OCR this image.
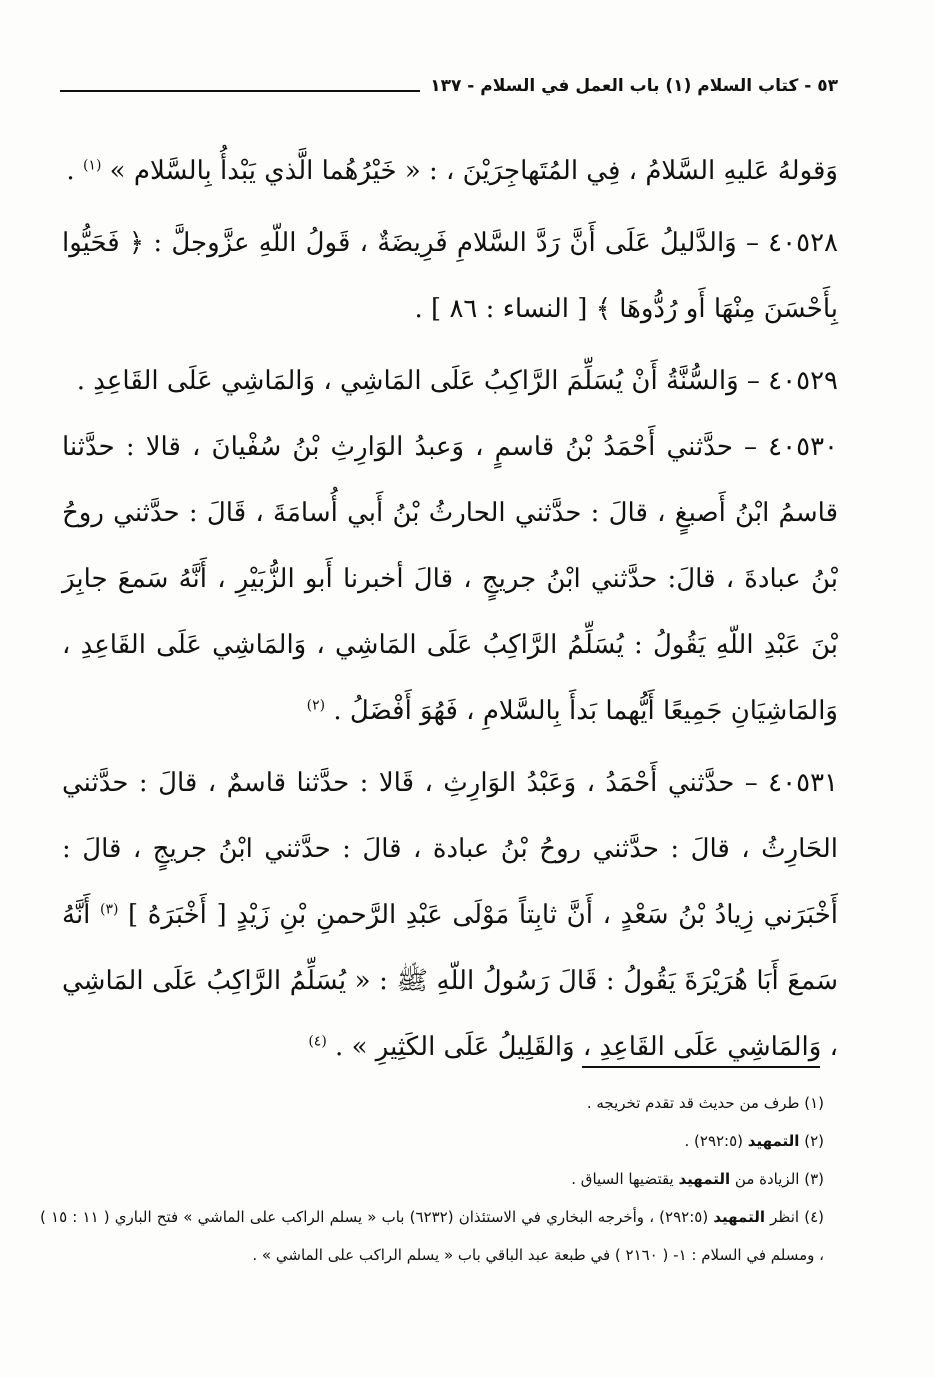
٥٣ - كتاب السلام (١) باب العمل في السلام - ١٣٧

وَقولهُ عَليهِ السَّلامُ ، فِي المُتَهاجِرَيْنَ ، : « خَيْرُهُما الَّذي يَبْدأُ بِالسَّلام » $^{(١)}$ .

٤٠٥٢٨ – وَالدَّليلُ عَلَى أَنَّ رَدَّ السَّلامِ فَرِيضَةٌ ، قَولُ اللّهِ عزَّوجلَّ : ﴿ فَحَيُّوا بِأَحْسَنَ مِنْهَا أَو رُدُّوهَا ﴾ [ النساء : ٨٦ ] .

٤٠٥٢٩ – وَالسُّنَّةُ أَنْ يُسَلِّمَ الرَّاكِبُ عَلَى المَاشِي ، وَالمَاشِي عَلَى القَاعِدِ .

٤٠٥٣٠ – حدَّثني أَحْمَدُ بْنُ قاسمٍ ، وَعبدُ الوَارِثِ بْنُ سُفْيانَ ، قالا : حدَّثنا قاسمُ ابْنُ أَصبغٍ ، قالَ : حدَّثني الحارثُ بْنُ أَبي أُسامَةَ ، قَالَ : حدَّثني روحُ بْنُ عبادةَ ، قالَ: حدَّثني ابْنُ جريجٍ ، قالَ أخبرنا أَبو الزُّبَيْرِ ، أَنَّهُ سَمعَ جابِرَ بْنَ عَبْدِ اللّهِ يَقُولُ : يُسَلِّمُ الرَّاكِبُ عَلَى المَاشِي ، وَالمَاشِي عَلَى القَاعِدِ ، وَالمَاشِيَانِ جَمِيعًا أَيُّهما بَدأَ بِالسَّلامِ ، فَهُوَ أَفْضَلُ . $^{(٢)}$

٤٠٥٣١ – حدَّثني أَحْمَدُ ، وَعَبْدُ الوَارِثِ ، قَالا : حدَّثنا قاسمٌ ، قالَ : حدَّثني الحَارِثُ ، قالَ : حدَّثني روحُ بْنُ عبادة ، قالَ : حدَّثني ابْنُ جريجٍ ، قالَ : أَخْبَرَني زِيادُ بْنُ سَعْدٍ ، أَنَّ ثابِتاً مَوْلَى عَبْدِ الرَّحمنِ بْنِ زَيْدٍ [ أَخْبَرَهُ ] $^{(٣)}$ أَنَّهُ سَمعَ أَبَا هُرَيْرَةَ يَقُولُ : قَالَ رَسُولُ اللّهِ ﷺ : « يُسَلِّمُ الرَّاكِبُ عَلَى المَاشِي ، وَالمَاشِي عَلَى القَاعِدِ ، وَالقَلِيلُ عَلَى الكَثِيرِ » . $^{(٤)}$

(١) طرف من حديث قد تقدم تخريجه .

(٢) التمهيد (٢٩٢:٥) .

(٣) الزيادة من التمهيد يقتضيها السياق .

(٤) انظر التمهيد (٢٩٢:٥) ، وأخرجه البخاري في الاستئذان (٦٢٣٢) باب « يسلم الراكب على الماشي » فتح الباري ( ١١ : ١٥ ) ، ومسلم في السلام : ١- ( ٢١٦٠ ) في طبعة عبد الباقي باب « يسلم الراكب على الماشي » .
